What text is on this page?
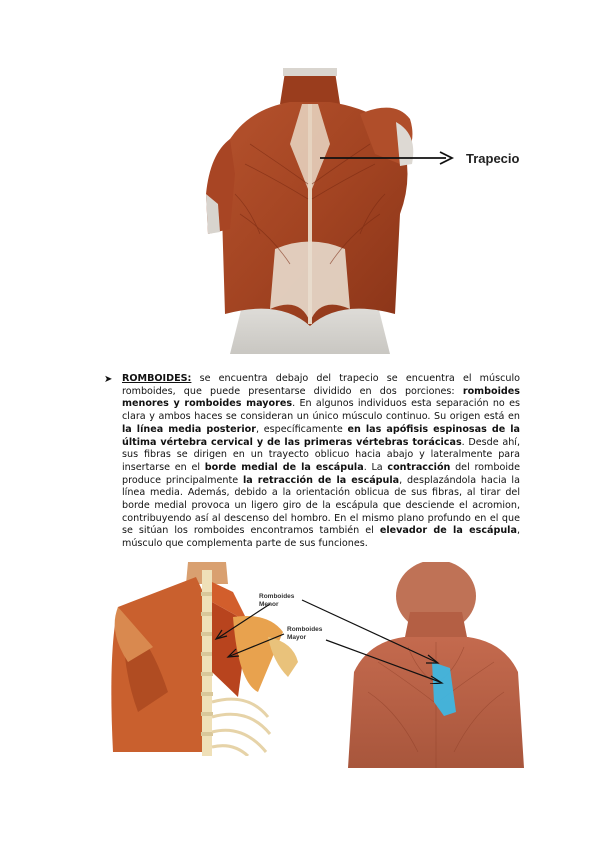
Trapecio
➤ ROMBOIDES: se encuentra debajo del trapecio se encuentra el músculo romboides, que puede presentarse dividido en dos porciones: romboides menores y romboides mayores. En algunos individuos esta separación no es clara y ambos haces se consideran un único músculo continuo. Su origen está en la línea media posterior, específicamente en las apófisis espinosas de la última vértebra cervical y de las primeras vértebras torácicas. Desde ahí, sus fibras se dirigen en un trayecto oblicuo hacia abajo y lateralmente para insertarse en el borde medial de la escápula. La contracción del romboide produce principalmente la retracción de la escápula, desplazándola hacia la línea media. Además, debido a la orientación oblicua de sus fibras, al tirar del borde medial provoca un ligero giro de la escápula que desciende el acromion, contribuyendo así al descenso del hombro. En el mismo plano profundo en el que se sitúan los romboides encontramos también el elevador de la escápula, músculo que complementa parte de sus funciones.
Romboides
Menor
Romboides
Mayor
